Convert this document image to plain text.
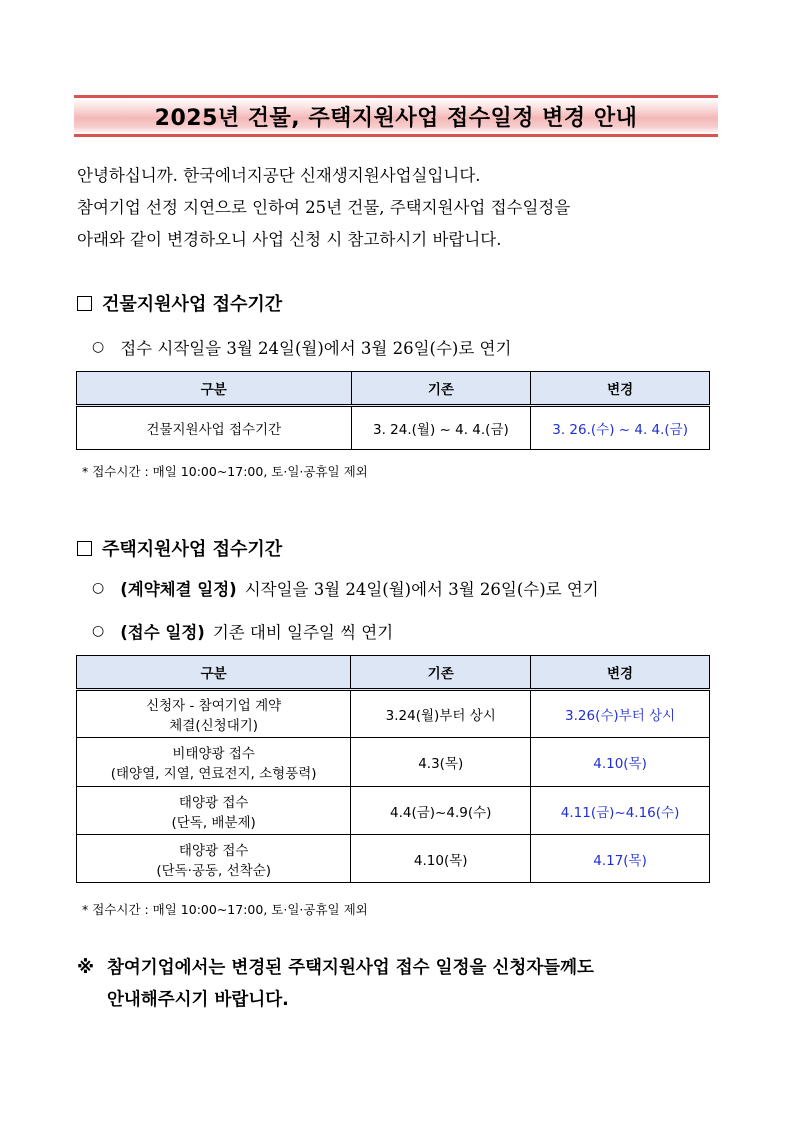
2025년 건물, 주택지원사업 접수일정 변경 안내

안녕하십니까. 한국에너지공단 신재생지원사업실입니다.

참여기업 선정 지연으로 인하여 25년 건물, 주택지원사업 접수일정을

아래와 같이 변경하오니 사업 신청 시 참고하시기 바랍니다.

건물지원사업 접수기간
○ 접수 시작일을 3월 24일(월)에서 3월 26일(수)로 연기
구분	기존	변경
건물지원사업 접수기간	3. 24.(월) ~ 4. 4.(금)	3. 26.(수) ~ 4. 4.(금)
* 접수시간 : 매일 10:00~17:00, 토·일·공휴일 제외
주택지원사업 접수기간
○ (계약체결 일정) 시작일을 3월 24일(월)에서 3월 26일(수)로 연기
○ (접수 일정) 기존 대비 일주일 씩 연기
구분	기존	변경

신청자 - 참여기업 계약
체결(신청대기)	3.24(월)부터 상시	3.26(수)부터 상시

비태양광 접수
(태양열, 지열, 연료전지, 소형풍력)	4.3(목)	4.10(목)

태양광 접수
(단독, 배분제)	4.4(금)~4.9(수)	4.11(금)~4.16(수)

태양광 접수
(단독·공동, 선착순)	4.10(목)	4.17(목)
* 접수시간 : 매일 10:00~17:00, 토·일·공휴일 제외
※ 참여기업에서는 변경된 주택지원사업 접수 일정을 신청자들께도
안내해주시기 바랍니다.
